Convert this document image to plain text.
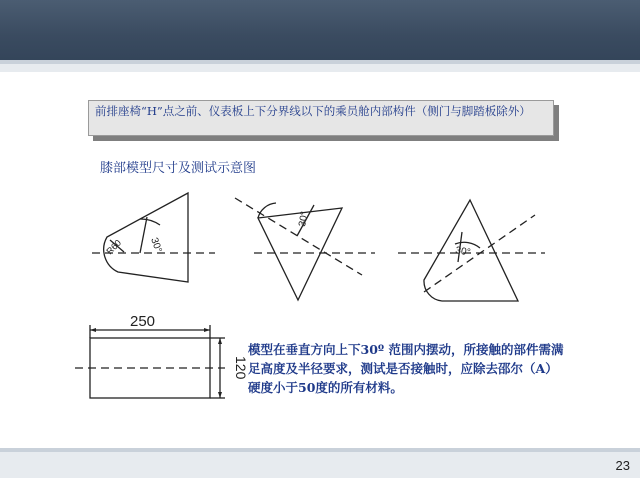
前排座椅“H”点之前、仪表板上下分界线以下的乘员舱内部构件（侧门与脚踏板除外）
膝部模型尺寸及测试示意图
30°
R60
30°
30°
250
120
模型在垂直方向上下30º 范围内摆动，所接触的部件需满足高度及半径要求，测试是否接触时，应除去邵尔（A）硬度小于50度的所有材料。
23
